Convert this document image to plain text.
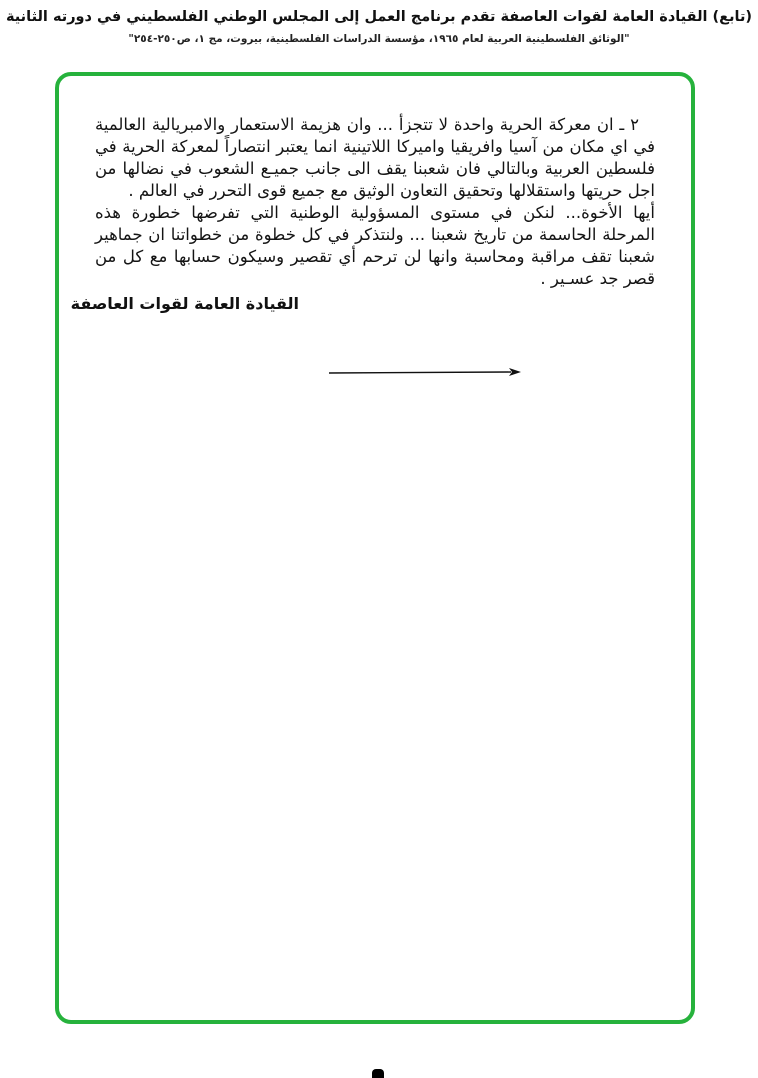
(تابع) القيادة العامة لقوات العاصفة تقدم برنامج العمل إلى المجلس الوطني الفلسطيني في دورته الثانية
"الوثائق الفلسطينية العربية لعام ١٩٦٥، مؤسسة الدراسات الفلسطينية، بيروت، مج ١، ص٢٥٠-٢٥٤"

٢ ـ ان معركة الحرية واحدة لا تتجزأ ... وان هزيمة الاستعمار والامبريالية العالمية في اي مكان من آسيا وافريقيا واميركا اللاتينية انما يعتبر انتصاراً لمعركة الحرية في فلسطين العربية وبالتالي فان شعبنا يقف الى جانب جميـع الشعوب في نضالها من اجل حريتها واستقلالها وتحقيق التعاون الوثيق مع جميع قوى التحرر في العالم .

أيها الأخوة... لنكن في مستوى المسؤولية الوطنية التي تفرضها خطورة هذه المرحلة الحاسمة من تاريخ شعبنا ... ولنتذكر في كل خطوة من خطواتنا ان جماهير شعبنا تقف مراقبة ومحاسبة وانها لن ترحم أي تقصير وسيكون حسابها مع كل من قصر جد عسـير .

القيادة العامة لقوات العاصفة
